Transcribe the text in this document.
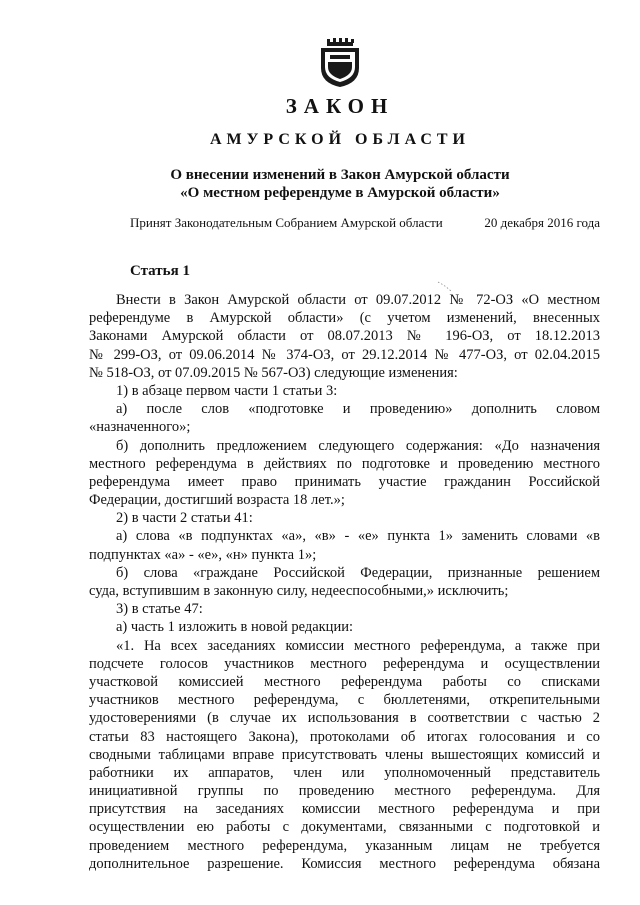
ЗАКОН
АМУРСКОЙ ОБЛАСТИ
О внесении изменений в Закон Амурской области
«О местном референдуме в Амурской области»
Принят Законодательным Собранием Амурской области	20 декабря 2016 года
Статья 1
Внести в Закон Амурской области от 09.07.2012 № 72-ОЗ «О местном
референдуме в Амурской области» (с учетом изменений, внесенных
Законами Амурской области от 08.07.2013 № 196-ОЗ, от 18.12.2013
№ 299-ОЗ, от 09.06.2014 № 374-ОЗ, от 29.12.2014 № 477-ОЗ, от 02.04.2015
№ 518-ОЗ, от 07.09.2015 № 567-ОЗ) следующие изменения:
1) в абзаце первом части 1 статьи 3:
а) после слов «подготовке и проведению» дополнить словом
«назначенного»;
б) дополнить предложением следующего содержания: «До назначения
местного референдума в действиях по подготовке и проведению местного
референдума имеет право принимать участие гражданин Российской
Федерации, достигший возраста 18 лет.»;
2) в части 2 статьи 41:
а) слова «в подпунктах «а», «в» - «е» пункта 1» заменить словами «в
подпунктах «а» - «е», «н» пункта 1»;
б) слова «граждане Российской Федерации, признанные решением
суда, вступившим в законную силу, недееспособными,» исключить;
3) в статье 47:
а) часть 1 изложить в новой редакции:
«1. На всех заседаниях комиссии местного референдума, а также при
подсчете голосов участников местного референдума и осуществлении
участковой комиссией местного референдума работы со списками
участников местного референдума, с бюллетенями, открепительными
удостоверениями (в случае их использования в соответствии с частью 2
статьи 83 настоящего Закона), протоколами об итогах голосования и со
сводными таблицами вправе присутствовать члены вышестоящих комиссий и
работники их аппаратов, член или уполномоченный представитель
инициативной группы по проведению местного референдума. Для
присутствия на заседаниях комиссии местного референдума и при
осуществлении ею работы с документами, связанными с подготовкой и
проведением местного референдума, указанным лицам не требуется
дополнительное разрешение. Комиссия местного референдума обязана
